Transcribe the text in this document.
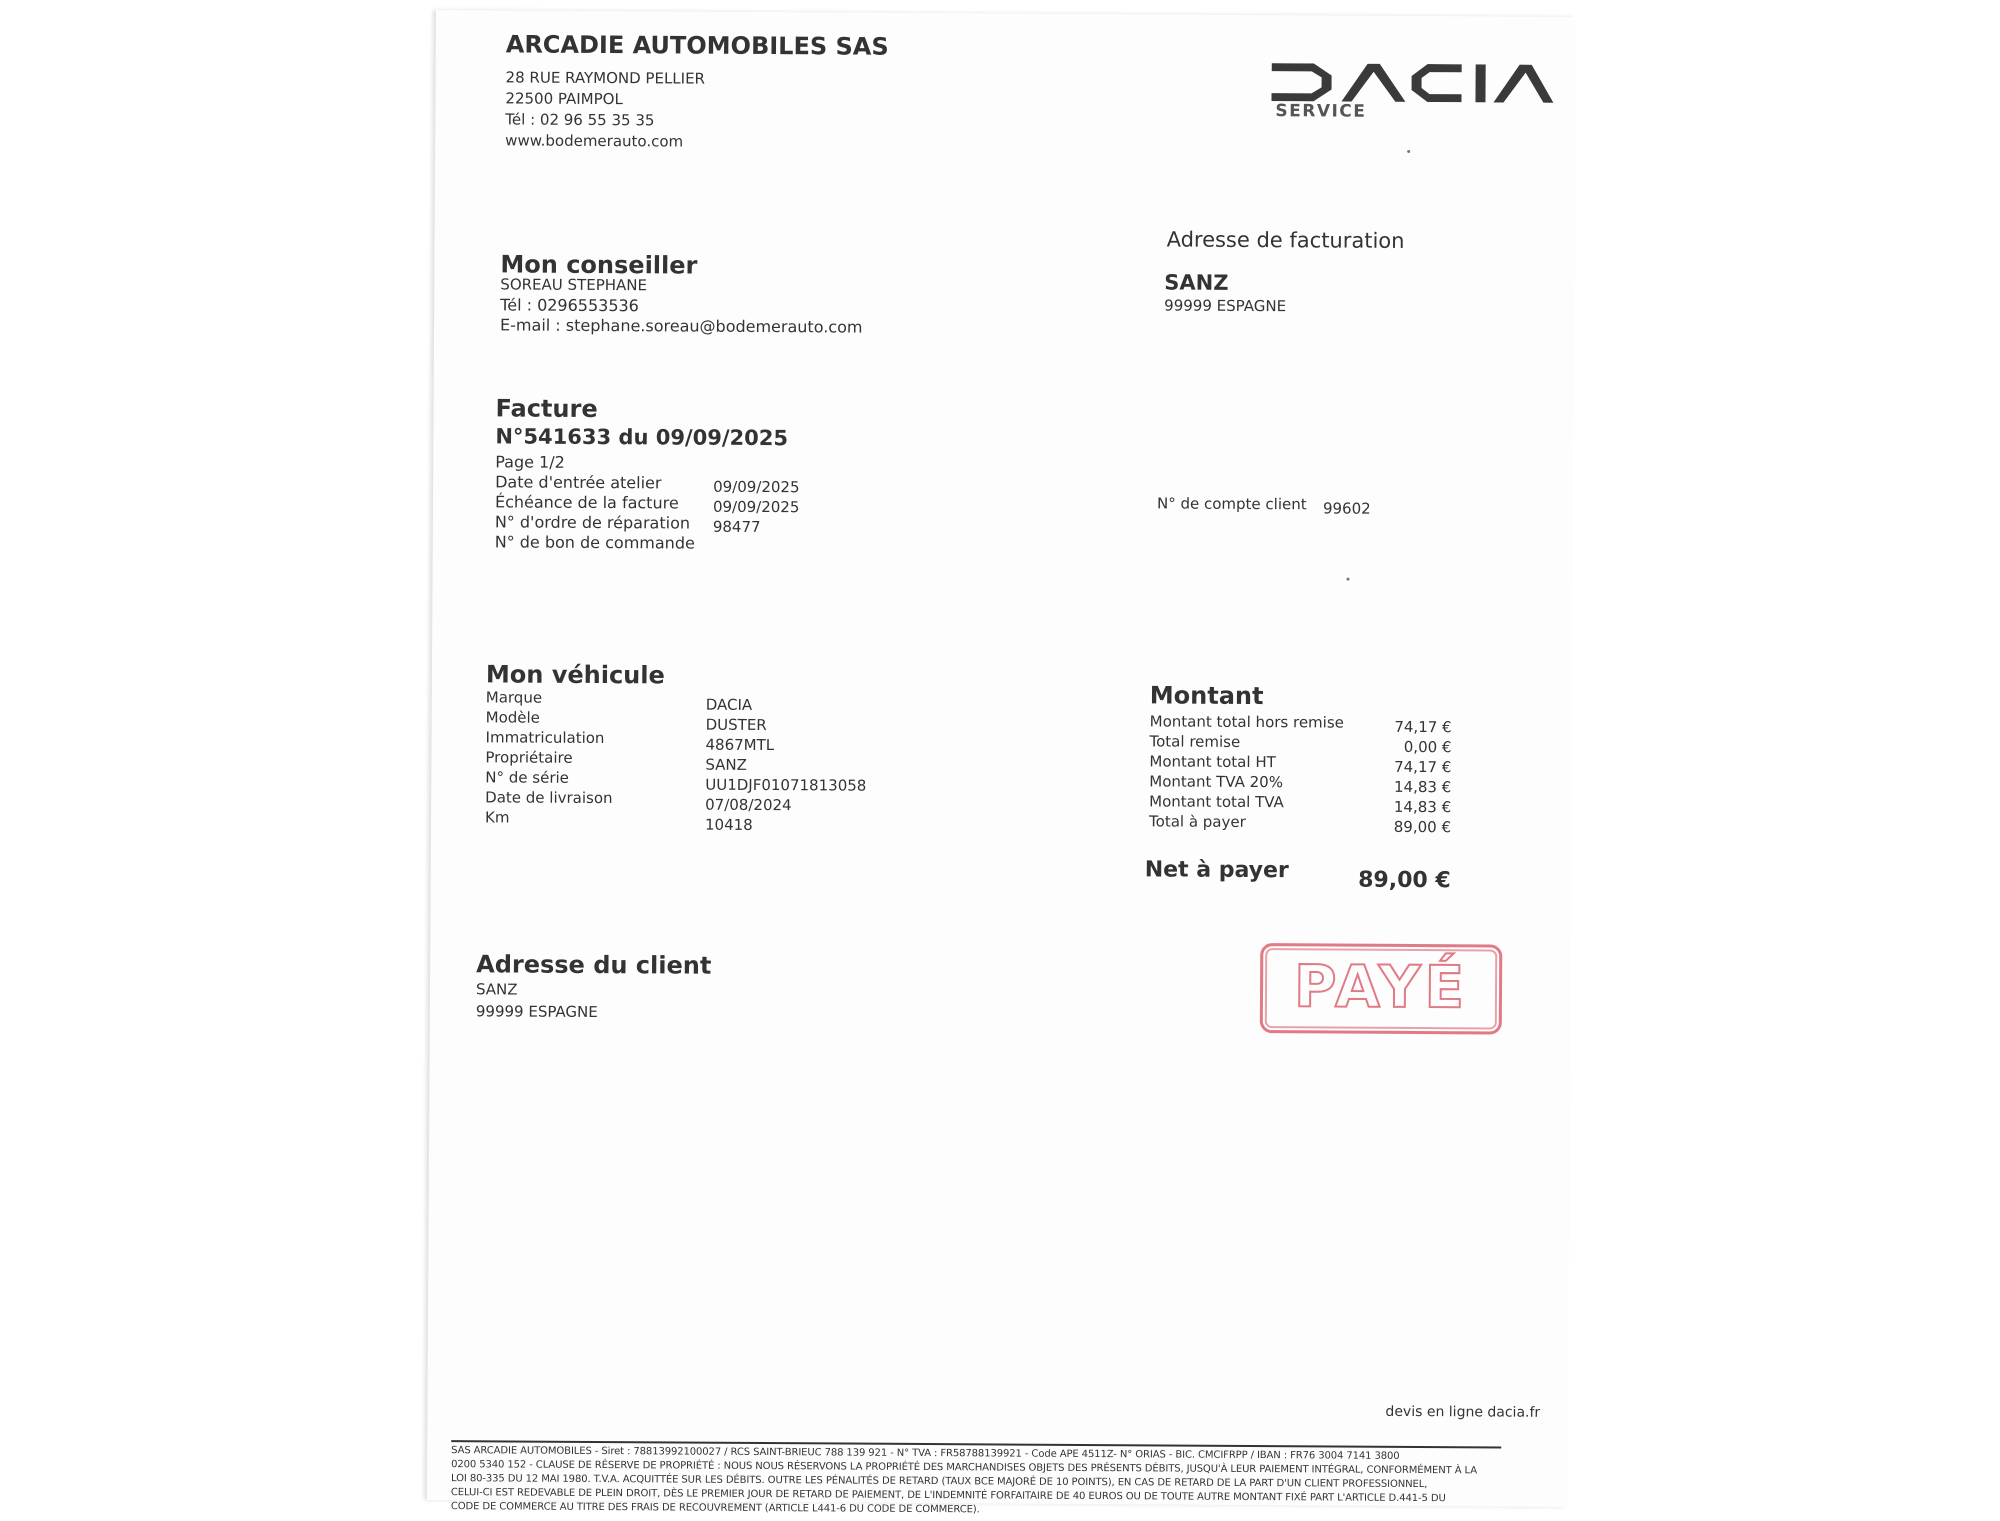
ARCADIE AUTOMOBILES SAS
28 RUE RAYMOND PELLIER
22500 PAIMPOL
Tél : 02 96 55 35 35
www.bodemerauto.com
SERVICE
Mon conseiller
SOREAU STEPHANE
Tél : 0296553536
E-mail : stephane.soreau@bodemerauto.com
Adresse de facturation
SANZ
99999 ESPAGNE
Facture
N°541633 du 09/09/2025
Page 1/2
Date d'entrée atelier	09/09/2025
Échéance de la facture 09/09/2025
N° d'ordre de réparation 98477
N° de bon de commande
N° de compte client 99602
Mon véhicule
Marque	DACIA
Modèle	DUSTER
Immatriculation	4867MTL
Propriétaire	SANZ
N° de série	UU1DJF01071813058
Date de livraison	07/08/2024
Km	10418
Montant
Montant total hors remise	74,17 €
Total remise	0,00 €
Montant total HT	74,17 €
Montant TVA 20%	14,83 €
Montant total TVA	14,83 €
Total à payer	89,00 €
Net à payer	89,00 €
Adresse du client
SANZ
99999 ESPAGNE	PAYÉ
devis en ligne dacia.fr
SAS ARCADIE AUTOMOBILES - Siret : 78813992100027 / RCS SAINT-BRIEUC 788 139 921 - N° TVA : FR58788139921 - Code APE 4511Z- N° ORIAS - BIC. CMCIFRPP / IBAN : FR76 3004 7141 3800
0200 5340 152 - CLAUSE DE RÉSERVE DE PROPRIÉTÉ : NOUS NOUS RÉSERVONS LA PROPRIÉTÉ DES MARCHANDISES OBJETS DES PRÉSENTS DÉBITS, JUSQU'À LEUR PAIEMENT INTÉGRAL, CONFORMÉMENT À LA
LOI 80-335 DU 12 MAI 1980. T.V.A. ACQUITTÉE SUR LES DÉBITS. OUTRE LES PÉNALITÉS DE RETARD (TAUX BCE MAJORÉ DE 10 POINTS), EN CAS DE RETARD DE LA PART D'UN CLIENT PROFESSIONNEL,
CELUI-CI EST REDEVABLE DE PLEIN DROIT, DÈS LE PREMIER JOUR DE RETARD DE PAIEMENT, DE L'INDEMNITÉ FORFAITAIRE DE 40 EUROS OU DE TOUTE AUTRE MONTANT FIXÉ PART L'ARTICLE D.441-5 DU
CODE DE COMMERCE AU TITRE DES FRAIS DE RECOUVREMENT (ARTICLE L441-6 DU CODE DE COMMERCE).
